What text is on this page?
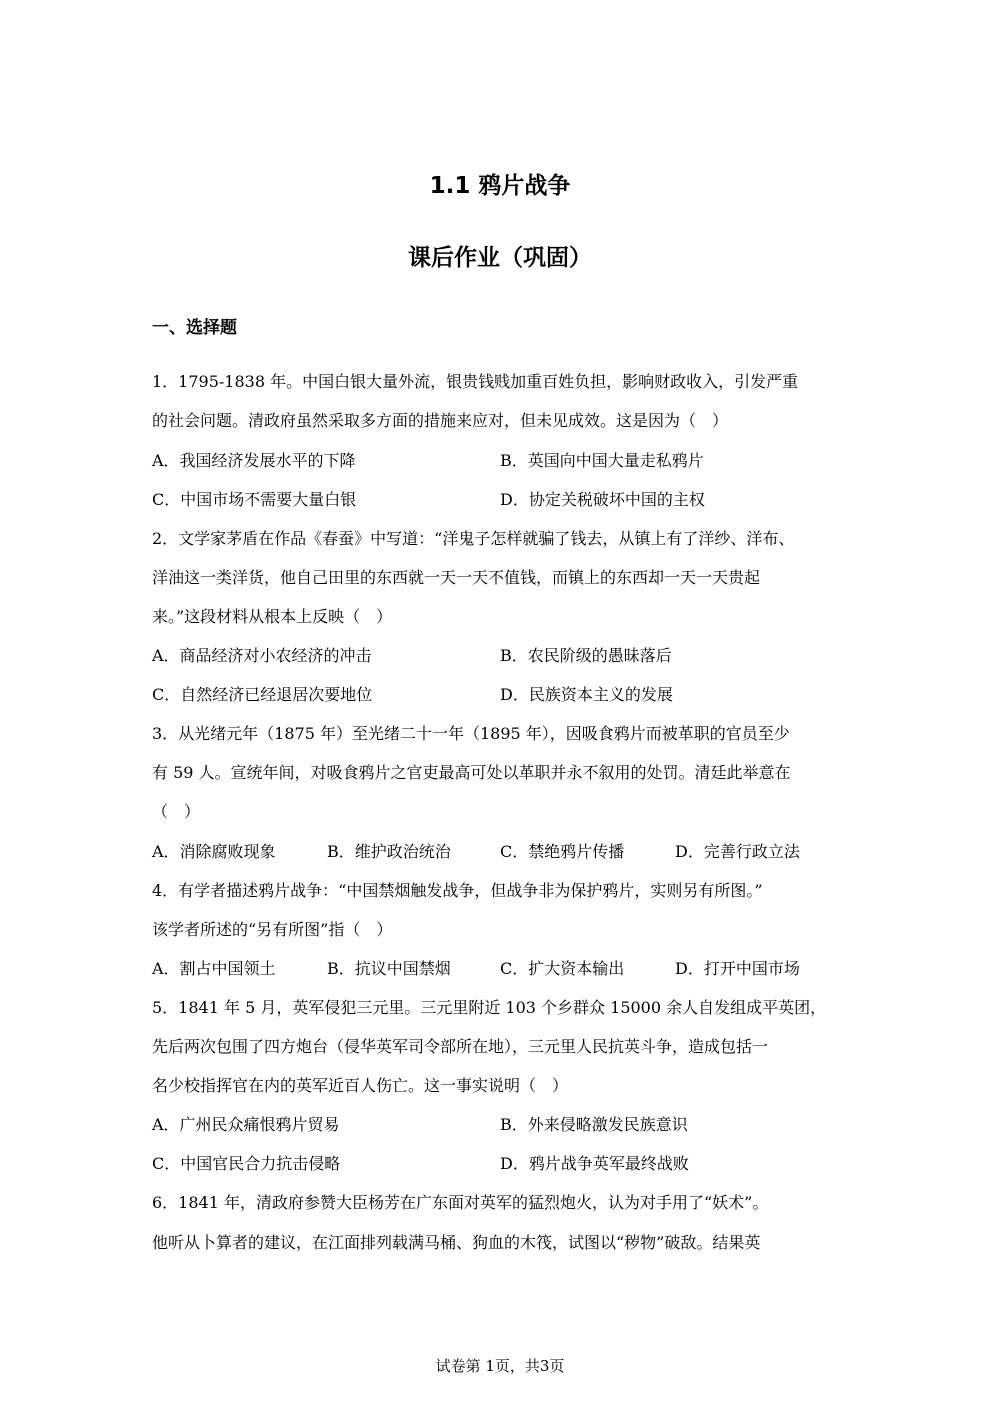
1.1 鸦片战争
课后作业（巩固）
一、选择题
1．1795-1838 年。中国白银大量外流，银贵钱贱加重百姓负担，影响财政收入，引发严重
的社会问题。清政府虽然采取多方面的措施来应对，但未见成效。这是因为（　）
A．我国经济发展水平的下降	B．英国向中国大量走私鸦片
C．中国市场不需要大量白银	D．协定关税破坏中国的主权
2．文学家茅盾在作品《春蚕》中写道：“洋鬼子怎样就骗了钱去，从镇上有了洋纱、洋布、
洋油这一类洋货，他自己田里的东西就一天一天不值钱，而镇上的东西却一天一天贵起
来。”这段材料从根本上反映（　）
A．商品经济对小农经济的冲击	B．农民阶级的愚昧落后
C．自然经济已经退居次要地位	D．民族资本主义的发展
3．从光绪元年（1875 年）至光绪二十一年（1895 年），因吸食鸦片而被革职的官员至少
有 59 人。宣统年间，对吸食鸦片之官吏最高可处以革职并永不叙用的处罚。清廷此举意在
（　）
A．消除腐败现象	B．维护政治统治	C．禁绝鸦片传播	D．完善行政立法
4．有学者描述鸦片战争：“中国禁烟触发战争，但战争非为保护鸦片，实则另有所图。”
该学者所述的“另有所图”指（　）
A．割占中国领土	B．抗议中国禁烟	C．扩大资本输出	D．打开中国市场
5．1841 年 5 月，英军侵犯三元里。三元里附近 103 个乡群众 15000 余人自发组成平英团，
先后两次包围了四方炮台（侵华英军司令部所在地），三元里人民抗英斗争，造成包括一
名少校指挥官在内的英军近百人伤亡。这一事实说明（　）
A．广州民众痛恨鸦片贸易	B．外来侵略激发民族意识
C．中国官民合力抗击侵略	D．鸦片战争英军最终战败
6．1841 年，清政府参赞大臣杨芳在广东面对英军的猛烈炮火，认为对手用了“妖术”。
他听从卜算者的建议，在江面排列载满马桶、狗血的木筏，试图以“秽物”破敌。结果英
试卷第 1页，共3页
